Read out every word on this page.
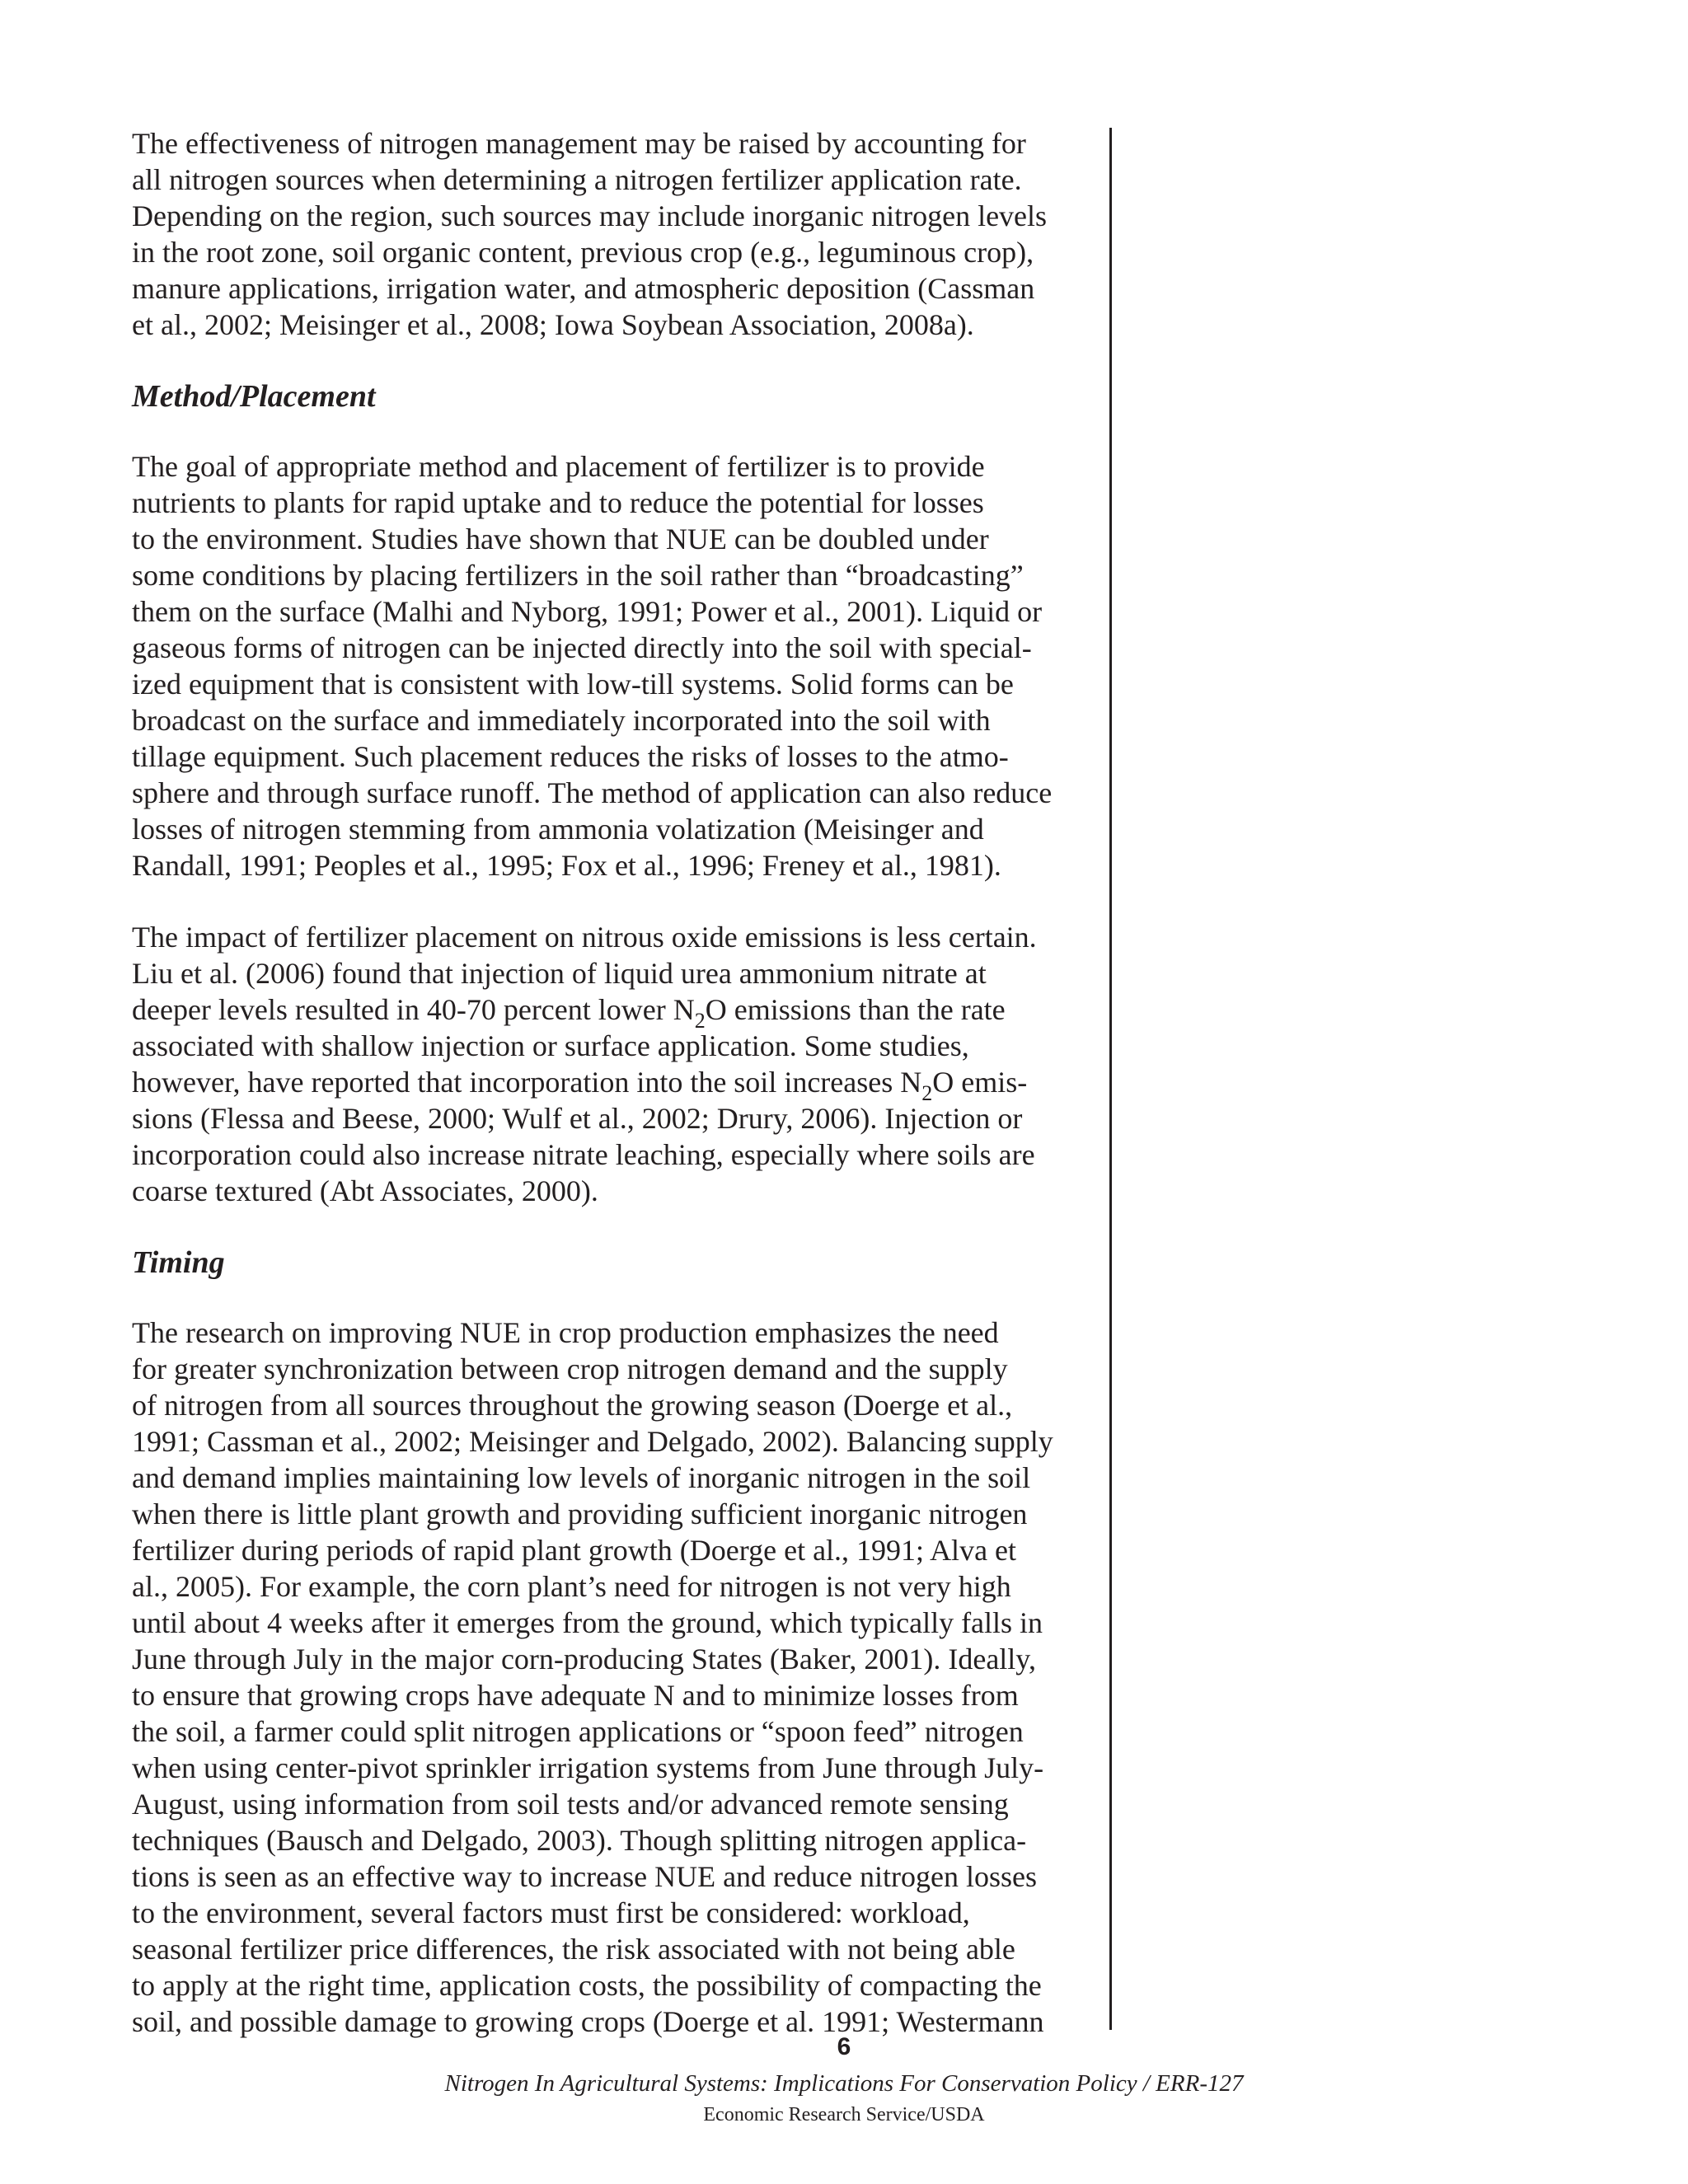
The effectiveness of nitrogen management may be raised by accounting for
all nitrogen sources when determining a nitrogen fertilizer application rate.
Depending on the region, such sources may include inorganic nitrogen levels
in the root zone, soil organic content, previous crop (e.g., leguminous crop),
manure applications, irrigation water, and atmospheric deposition (Cassman
et al., 2002; Meisinger et al., 2008; Iowa Soybean Association, 2008a).
Method/Placement
The goal of appropriate method and placement of fertilizer is to provide
nutrients to plants for rapid uptake and to reduce the potential for losses
to the environment. Studies have shown that NUE can be doubled under
some conditions by placing fertilizers in the soil rather than “broadcasting”
them on the surface (Malhi and Nyborg, 1991; Power et al., 2001). Liquid or
gaseous forms of nitrogen can be injected directly into the soil with special-
ized equipment that is consistent with low-till systems. Solid forms can be
broadcast on the surface and immediately incorporated into the soil with
tillage equipment. Such placement reduces the risks of losses to the atmo-
sphere and through surface runoff. The method of application can also reduce
losses of nitrogen stemming from ammonia volatization (Meisinger and
Randall, 1991; Peoples et al., 1995; Fox et al., 1996; Freney et al., 1981).
The impact of fertilizer placement on nitrous oxide emissions is less certain.
Liu et al. (2006) found that injection of liquid urea ammonium nitrate at
deeper levels resulted in 40-70 percent lower $N_2O$ emissions than the rate
associated with shallow injection or surface application. Some studies,
however, have reported that incorporation into the soil increases $N_2O$ emis-
sions (Flessa and Beese, 2000; Wulf et al., 2002; Drury, 2006). Injection or
incorporation could also increase nitrate leaching, especially where soils are
coarse textured (Abt Associates, 2000).
Timing
The research on improving NUE in crop production emphasizes the need
for greater synchronization between crop nitrogen demand and the supply
of nitrogen from all sources throughout the growing season (Doerge et al.,
1991; Cassman et al., 2002; Meisinger and Delgado, 2002). Balancing supply
and demand implies maintaining low levels of inorganic nitrogen in the soil
when there is little plant growth and providing sufficient inorganic nitrogen
fertilizer during periods of rapid plant growth (Doerge et al., 1991; Alva et
al., 2005). For example, the corn plant’s need for nitrogen is not very high
until about 4 weeks after it emerges from the ground, which typically falls in
June through July in the major corn-producing States (Baker, 2001). Ideally,
to ensure that growing crops have adequate N and to minimize losses from
the soil, a farmer could split nitrogen applications or “spoon feed” nitrogen
when using center-pivot sprinkler irrigation systems from June through July-
August, using information from soil tests and/or advanced remote sensing
techniques (Bausch and Delgado, 2003). Though splitting nitrogen applica-
tions is seen as an effective way to increase NUE and reduce nitrogen losses
to the environment, several factors must first be considered: workload,
seasonal fertilizer price differences, the risk associated with not being able
to apply at the right time, application costs, the possibility of compacting the
soil, and possible damage to growing crops (Doerge et al. 1991; Westermann
6
Nitrogen In Agricultural Systems: Implications For Conservation Policy / ERR-127
Economic Research Service/USDA
